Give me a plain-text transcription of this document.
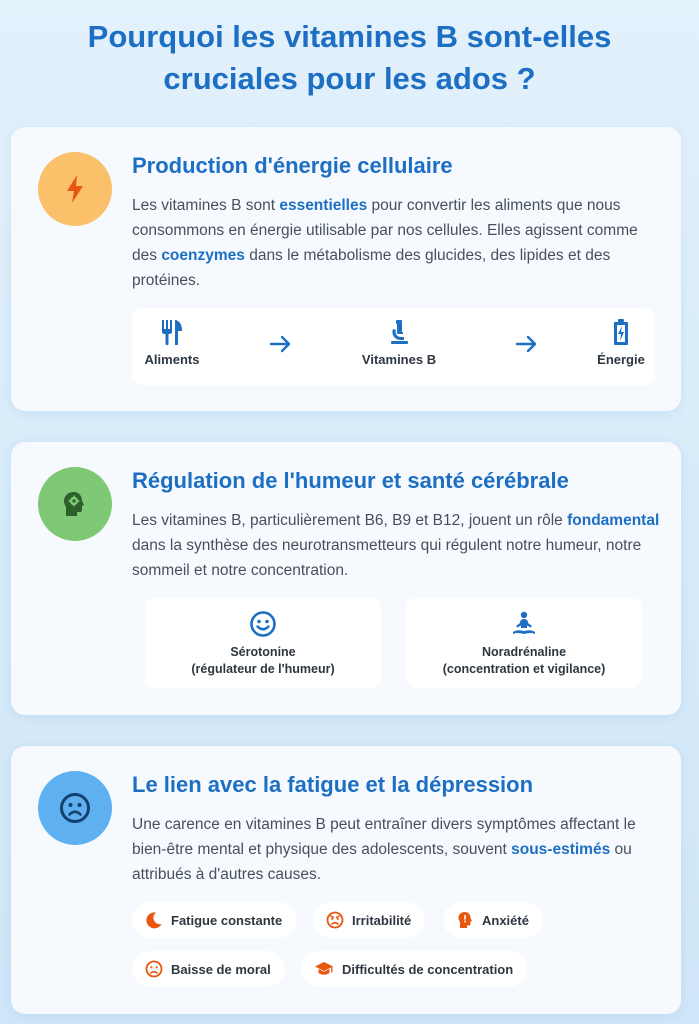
Pourquoi les vitamines B sont-elles
cruciales pour les ados ?
Production d'énergie cellulaire

Les vitamines B sont essentielles pour convertir les aliments que nous consommons en énergie utilisable par nos cellules. Elles agissent comme des coenzymes dans le métabolisme des glucides, des lipides et des protéines.

Aliments	Vitamines B	Énergie
Régulation de l'humeur et santé cérébrale

Les vitamines B, particulièrement B6, B9 et B12, jouent un rôle fondamental dans la synthèse des neurotransmetteurs qui régulent notre humeur, notre sommeil et notre concentration.

Sérotonine
(régulateur de l'humeur)
Noradrénaline
(concentration et vigilance)
Le lien avec la fatigue et la dépression

Une carence en vitamines B peut entraîner divers symptômes affectant le bien-être mental et physique des adolescents, souvent sous-estimés ou attribués à d'autres causes.

Fatigue constante	Irritabilité	Anxiété
Baisse de moral	Difficultés de concentration
